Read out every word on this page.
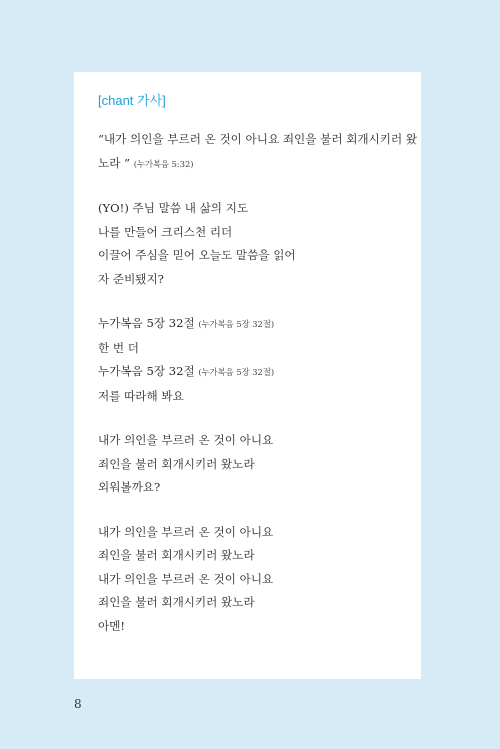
[chant 가사]
“내가 의인을 부르러 온 것이 아니요 죄인을 불러 회개시키러 왔
노라 ” (누가복음 5:32)
(YO!) 주님 말씀 내 삶의 지도
나를 만들어 크리스천 리더
이끌어 주심을 믿어 오늘도 말씀을 읽어
자 준비됐지?
누가복음 5장 32절 (누가복음 5장 32절)
한 번 더
누가복음 5장 32절 (누가복음 5장 32절)
저를 따라해 봐요
내가 의인을 부르러 온 것이 아니요
죄인을 불러 회개시키러 왔노라
외워볼까요?
내가 의인을 부르러 온 것이 아니요
죄인을 불러 회개시키러 왔노라
내가 의인을 부르러 온 것이 아니요
죄인을 불러 회개시키러 왔노라
아멘!
8
